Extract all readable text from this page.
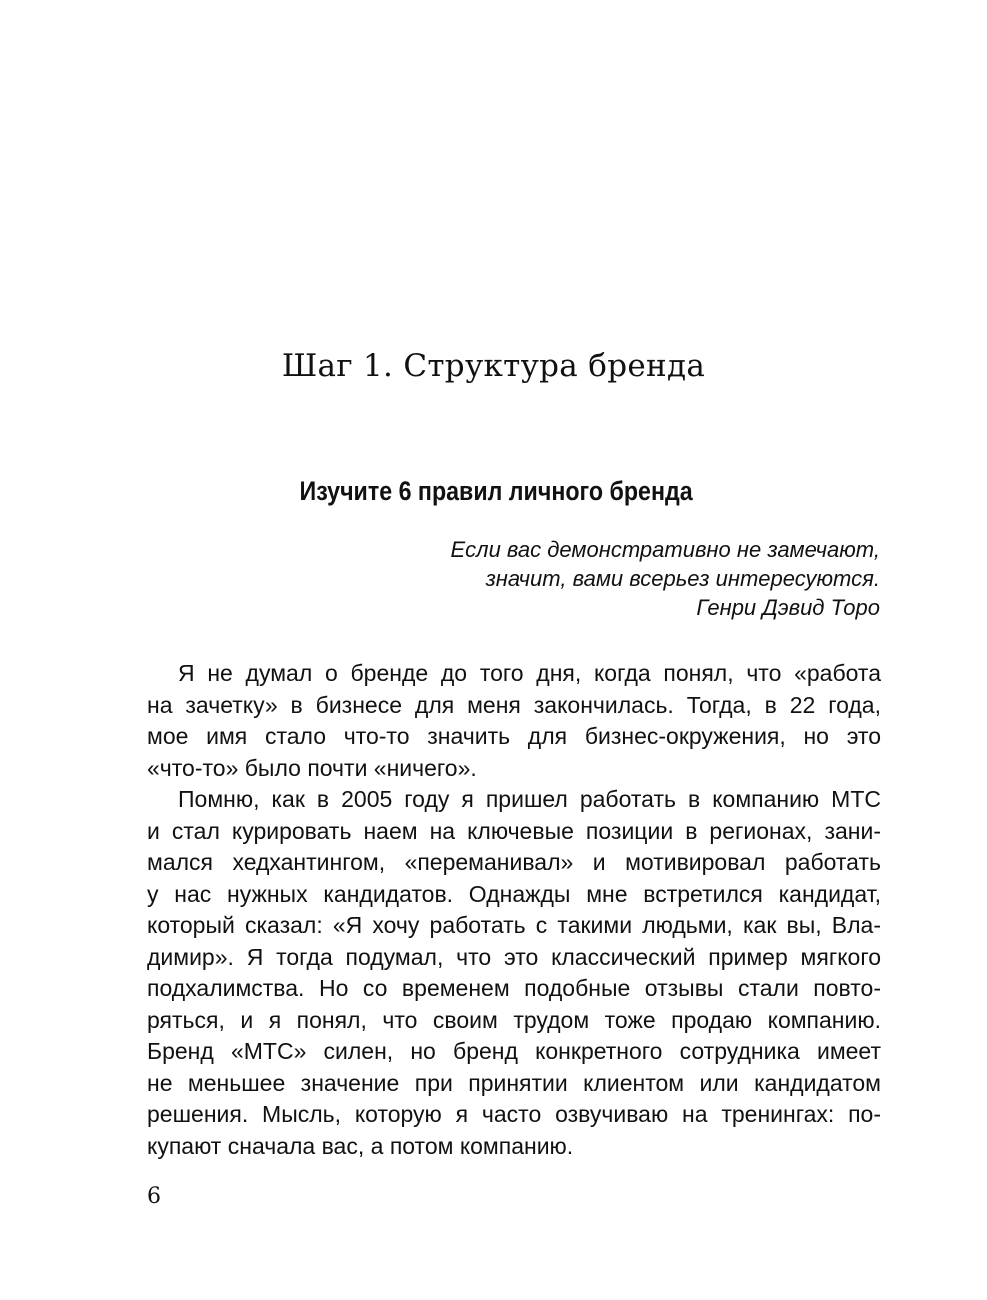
Шаг 1. Структура бренда
Изучите 6 правил личного бренда
Если вас демонстративно не замечают,
значит, вами всерьез интересуются.
Генри Дэвид Торо
Я не думал о бренде до того дня, когда понял, что «работа
на зачетку» в бизнесе для меня закончилась. Тогда, в 22 года,
мое имя стало что-то значить для бизнес-окружения, но это
«что-то» было почти «ничего».
Помню, как в 2005 году я пришел работать в компанию МТС
и стал курировать наем на ключевые позиции в регионах, зани-
мался хедхантингом, «переманивал» и мотивировал работать
у нас нужных кандидатов. Однажды мне встретился кандидат,
который сказал: «Я хочу работать с такими людьми, как вы, Вла-
димир». Я тогда подумал, что это классический пример мягкого
подхалимства. Но со временем подобные отзывы стали повто-
ряться, и я понял, что своим трудом тоже продаю компанию.
Бренд «МТС» силен, но бренд конкретного сотрудника имеет
не меньшее значение при принятии клиентом или кандидатом
решения. Мысль, которую я часто озвучиваю на тренингах: по-
купают сначала вас, а потом компанию.
6
